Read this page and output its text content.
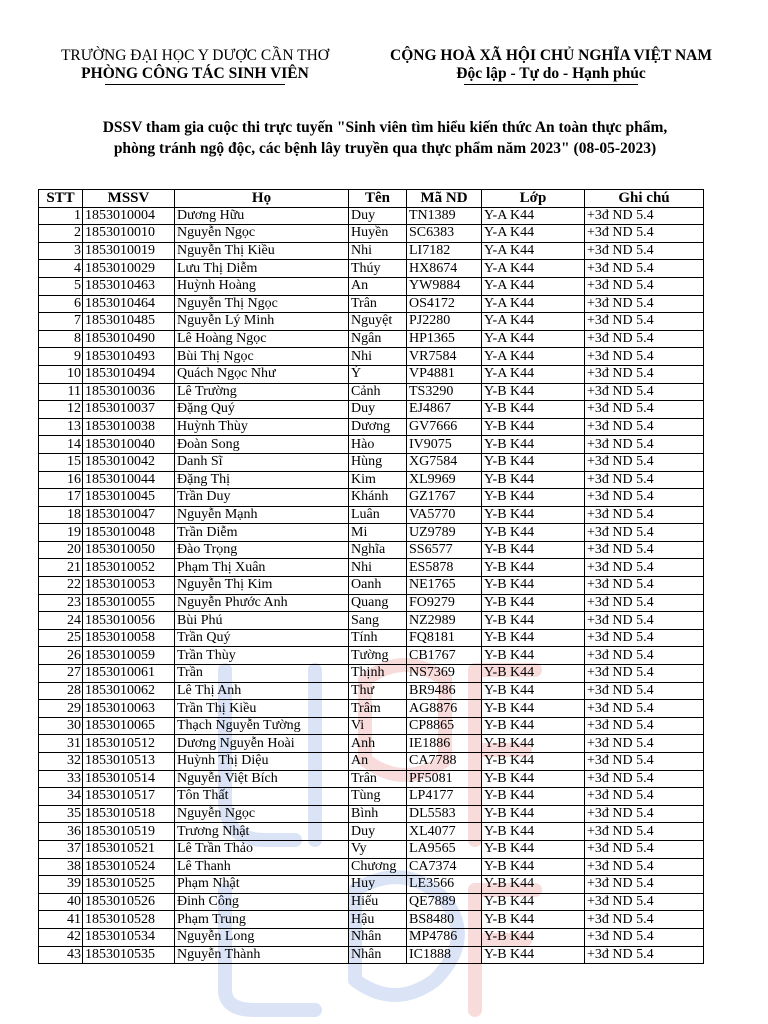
TRƯỜNG ĐẠI HỌC Y DƯỢC CẦN THƠ
PHÒNG CÔNG TÁC SINH VIÊN
CỘNG HOÀ XÃ HỘI CHỦ NGHĨA VIỆT NAM
Độc lập - Tự do - Hạnh phúc
DSSV tham gia cuộc thi trực tuyến "Sinh viên tìm hiểu kiến thức An toàn thực phẩm,
phòng tránh ngộ độc, các bệnh lây truyền qua thực phẩm năm 2023" (08-05-2023)
STT	MSSV	Họ	Tên	Mã ND	Lớp	Ghi chú
1	1853010004	Dương Hữu	Duy	TN1389	Y-A K44	+3đ ND 5.4
2	1853010010	Nguyễn Ngọc	Huyền	SC6383	Y-A K44	+3đ ND 5.4
3	1853010019	Nguyễn Thị Kiều	Nhi	LI7182	Y-A K44	+3đ ND 5.4
4	1853010029	Lưu Thị Diễm	Thúy	HX8674	Y-A K44	+3đ ND 5.4
5	1853010463	Huỳnh Hoàng	An	YW9884	Y-A K44	+3đ ND 5.4
6	1853010464	Nguyễn Thị Ngọc	Trân	OS4172	Y-A K44	+3đ ND 5.4
7	1853010485	Nguyễn Lý Minh	Nguyệt	PJ2280	Y-A K44	+3đ ND 5.4
8	1853010490	Lê Hoàng Ngọc	Ngân	HP1365	Y-A K44	+3đ ND 5.4
9	1853010493	Bùi Thị Ngọc	Nhi	VR7584	Y-A K44	+3đ ND 5.4
10	1853010494	Quách Ngọc Như	Ý	VP4881	Y-A K44	+3đ ND 5.4
11	1853010036	Lê Trường	Cảnh	TS3290	Y-B K44	+3đ ND 5.4
12	1853010037	Đặng Quý	Duy	EJ4867	Y-B K44	+3đ ND 5.4
13	1853010038	Huỳnh Thùy	Dương	GV7666	Y-B K44	+3đ ND 5.4
14	1853010040	Đoàn Song	Hào	IV9075	Y-B K44	+3đ ND 5.4
15	1853010042	Danh Sĩ	Hùng	XG7584	Y-B K44	+3đ ND 5.4
16	1853010044	Đặng Thị	Kim	XL9969	Y-B K44	+3đ ND 5.4
17	1853010045	Trần Duy	Khánh	GZ1767	Y-B K44	+3đ ND 5.4
18	1853010047	Nguyễn Mạnh	Luân	VA5770	Y-B K44	+3đ ND 5.4
19	1853010048	Trần Diễm	Mi	UZ9789	Y-B K44	+3đ ND 5.4
20	1853010050	Đào Trọng	Nghĩa	SS6577	Y-B K44	+3đ ND 5.4
21	1853010052	Phạm Thị Xuân	Nhi	ES5878	Y-B K44	+3đ ND 5.4
22	1853010053	Nguyễn Thị Kim	Oanh	NE1765	Y-B K44	+3đ ND 5.4
23	1853010055	Nguyễn Phước Anh	Quang	FO9279	Y-B K44	+3đ ND 5.4
24	1853010056	Bùi Phú	Sang	NZ2989	Y-B K44	+3đ ND 5.4
25	1853010058	Trần Quý	Tính	FQ8181	Y-B K44	+3đ ND 5.4
26	1853010059	Trần Thùy	Tường	CB1767	Y-B K44	+3đ ND 5.4
27	1853010061	Trần	Thịnh	NS7369	Y-B K44	+3đ ND 5.4
28	1853010062	Lê Thị Anh	Thư	BR9486	Y-B K44	+3đ ND 5.4
29	1853010063	Trần Thị Kiều	Trâm	AG8876	Y-B K44	+3đ ND 5.4
30	1853010065	Thạch Nguyễn Tường	Vi	CP8865	Y-B K44	+3đ ND 5.4
31	1853010512	Dương Nguyễn Hoài	Anh	IE1886	Y-B K44	+3đ ND 5.4
32	1853010513	Huỳnh Thị Diệu	An	CA7788	Y-B K44	+3đ ND 5.4
33	1853010514	Nguyễn Việt Bích	Trân	PF5081	Y-B K44	+3đ ND 5.4
34	1853010517	Tôn Thất	Tùng	LP4177	Y-B K44	+3đ ND 5.4
35	1853010518	Nguyễn Ngọc	Bình	DL5583	Y-B K44	+3đ ND 5.4
36	1853010519	Trương Nhật	Duy	XL4077	Y-B K44	+3đ ND 5.4
37	1853010521	Lê Trần Thảo	Vy	LA9565	Y-B K44	+3đ ND 5.4
38	1853010524	Lê Thanh	Chương	CA7374	Y-B K44	+3đ ND 5.4
39	1853010525	Phạm Nhật	Huy	LE3566	Y-B K44	+3đ ND 5.4
40	1853010526	Đinh Công	Hiếu	QE7889	Y-B K44	+3đ ND 5.4
41	1853010528	Phạm Trung	Hậu	BS8480	Y-B K44	+3đ ND 5.4
42	1853010534	Nguyễn Long	Nhân	MP4786	Y-B K44	+3đ ND 5.4
43	1853010535	Nguyễn Thành	Nhân	IC1888	Y-B K44	+3đ ND 5.4
